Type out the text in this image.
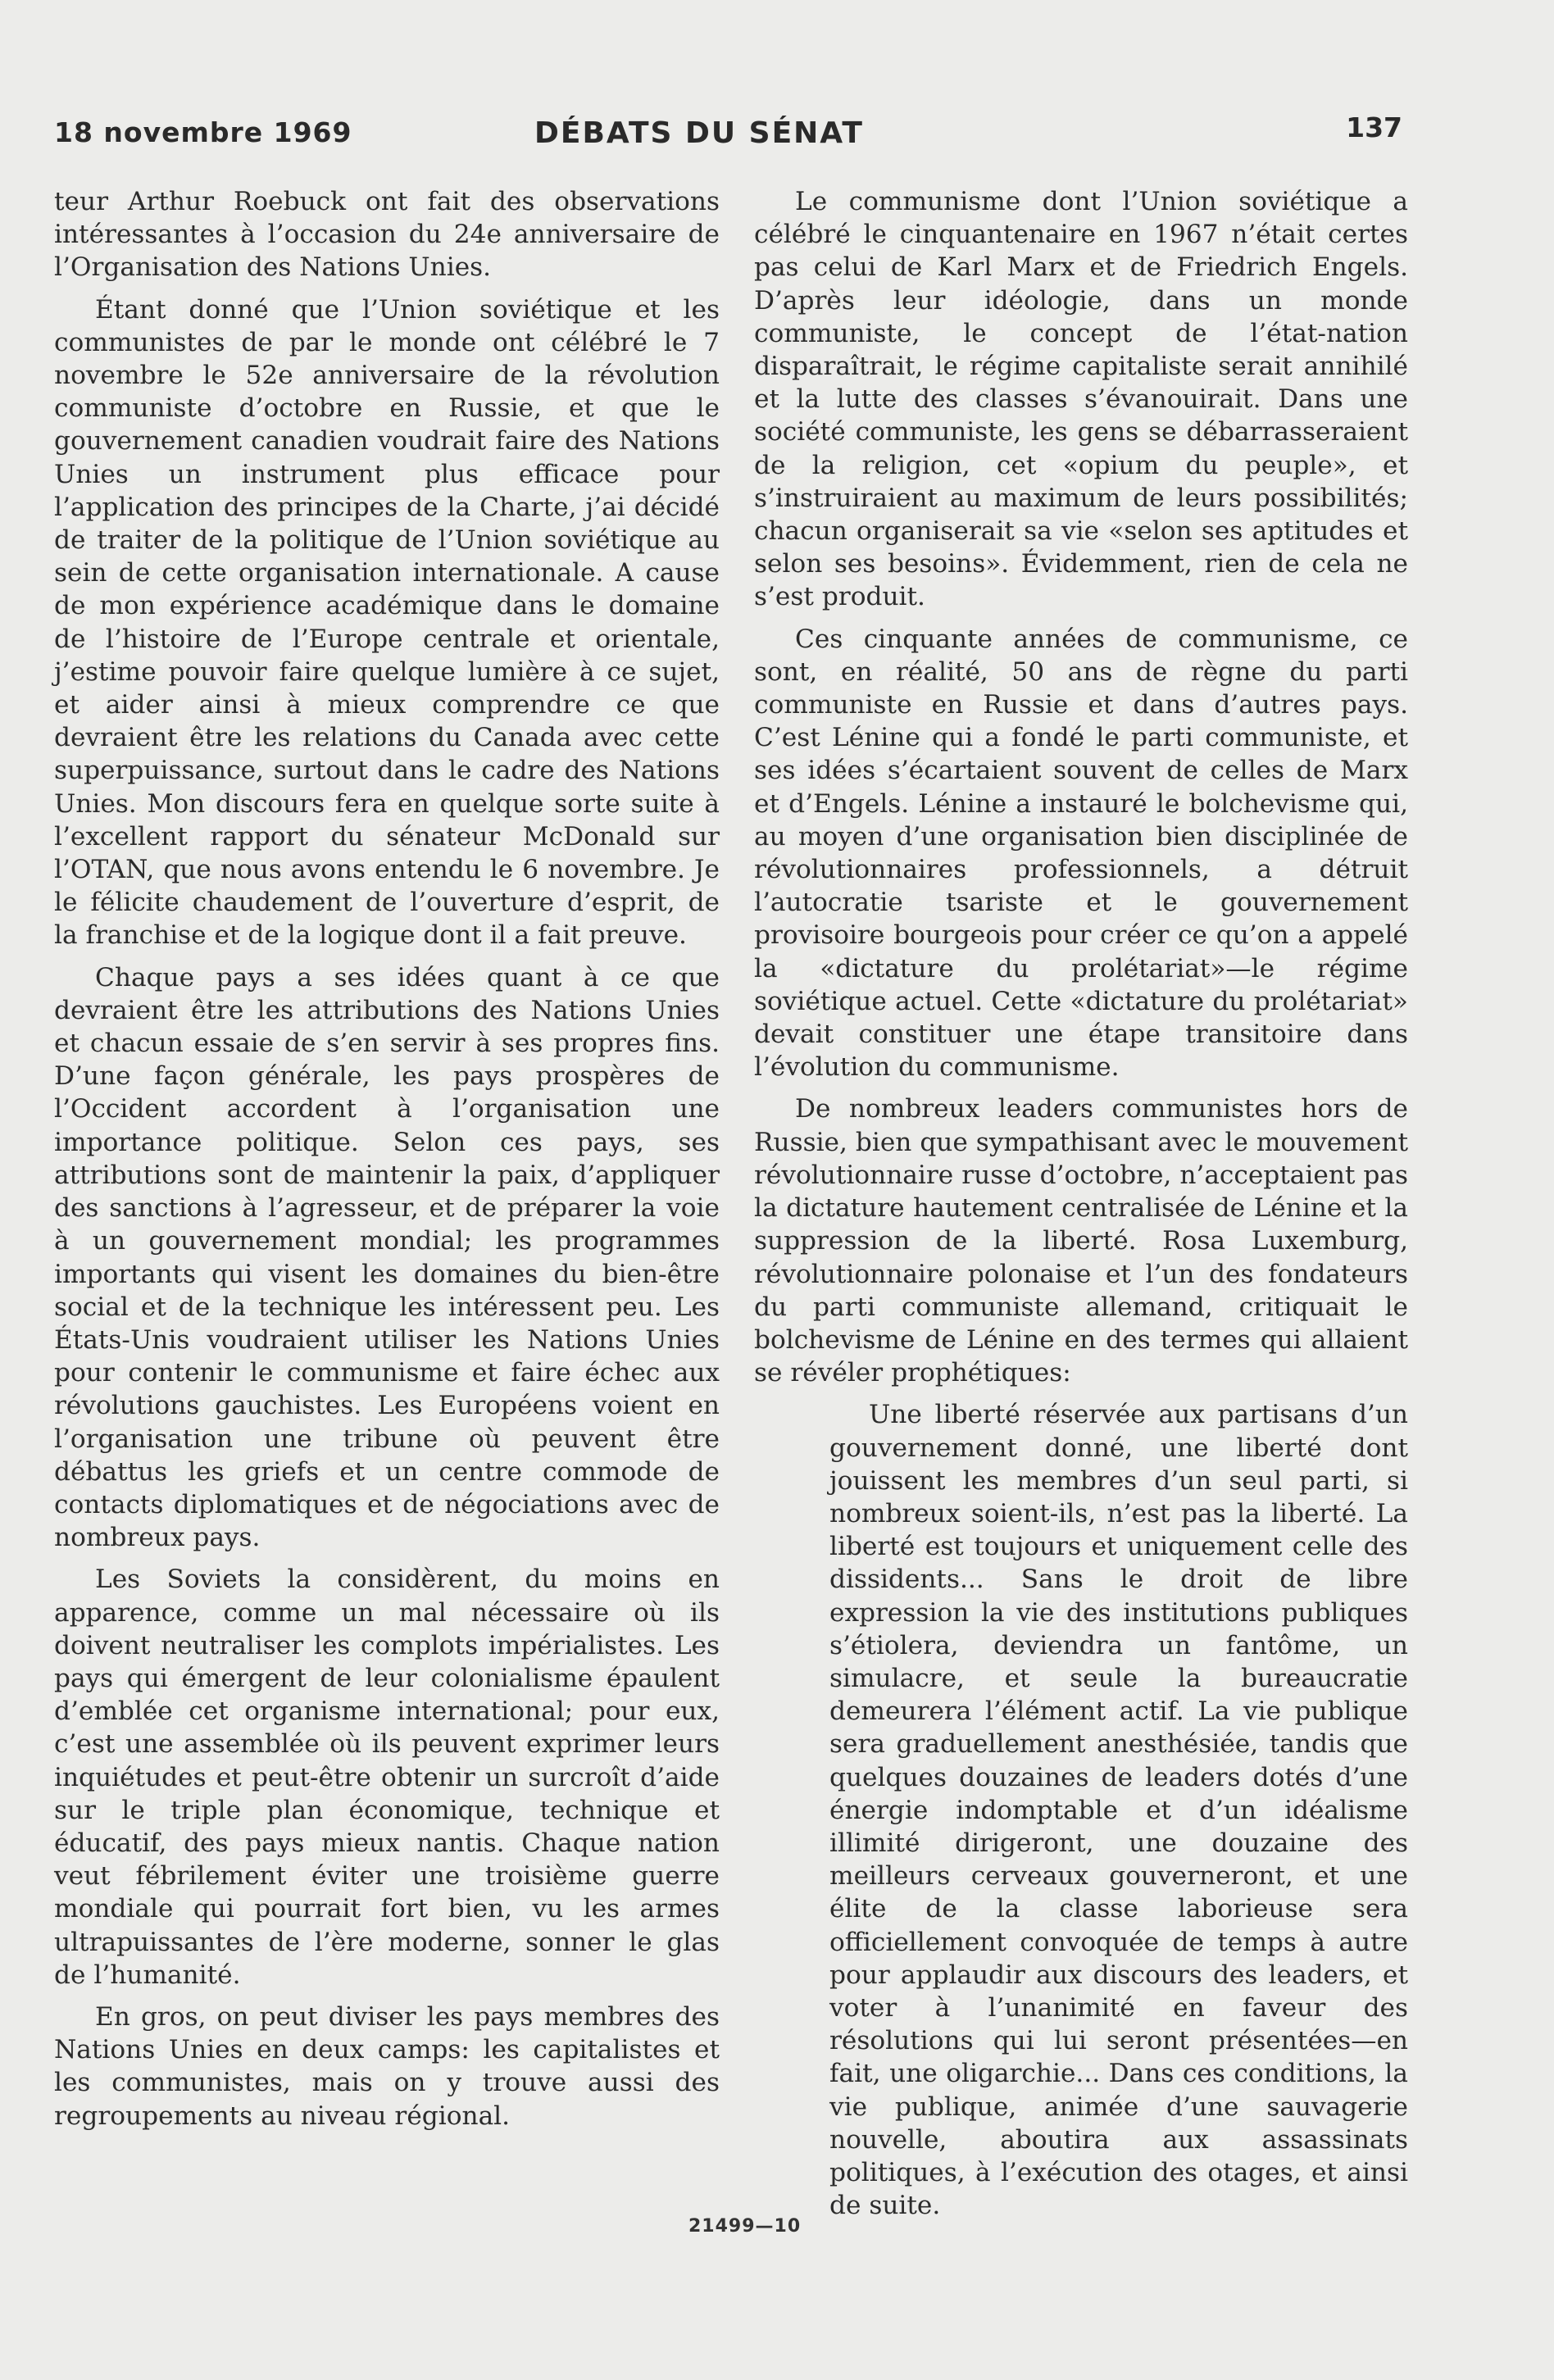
18 novembre 1969	DÉBATS DU SÉNAT	137

teur Arthur Roebuck ont fait des observations intéressantes à l’occasion du 24e anniversaire de l’Organisation des Nations Unies.

Étant donné que l’Union soviétique et les communistes de par le monde ont célébré le 7 novembre le 52e anniversaire de la révolution communiste d’octobre en Russie, et que le gouvernement canadien voudrait faire des Nations Unies un instrument plus efficace pour l’application des principes de la Charte, j’ai décidé de traiter de la politique de l’Union soviétique au sein de cette organisation internationale. A cause de mon expérience académique dans le domaine de l’histoire de l’Europe centrale et orientale, j’estime pouvoir faire quelque lumière à ce sujet, et aider ainsi à mieux comprendre ce que devraient être les relations du Canada avec cette superpuissance, surtout dans le cadre des Nations Unies. Mon discours fera en quelque sorte suite à l’excellent rapport du sénateur McDonald sur l’OTAN, que nous avons entendu le 6 novembre. Je le félicite chaudement de l’ouverture d’esprit, de la franchise et de la logique dont il a fait preuve.

Chaque pays a ses idées quant à ce que devraient être les attributions des Nations Unies et chacun essaie de s’en servir à ses propres fins. D’une façon générale, les pays prospères de l’Occident accordent à l’organisation une importance politique. Selon ces pays, ses attributions sont de maintenir la paix, d’appliquer des sanctions à l’agresseur, et de préparer la voie à un gouvernement mondial; les programmes importants qui visent les domaines du bien-être social et de la technique les intéressent peu. Les États-Unis voudraient utiliser les Nations Unies pour contenir le communisme et faire échec aux révolutions gauchistes. Les Européens voient en l’organisation une tribune où peuvent être débattus les griefs et un centre commode de contacts diplomatiques et de négociations avec de nombreux pays.

Les Soviets la considèrent, du moins en apparence, comme un mal nécessaire où ils doivent neutraliser les complots impérialistes. Les pays qui émergent de leur colonialisme épaulent d’emblée cet organisme international; pour eux, c’est une assemblée où ils peuvent exprimer leurs inquiétudes et peut-être obtenir un surcroît d’aide sur le triple plan économique, technique et éducatif, des pays mieux nantis. Chaque nation veut fébrilement éviter une troisième guerre mondiale qui pourrait fort bien, vu les armes ultrapuissantes de l’ère moderne, sonner le glas de l’humanité.

En gros, on peut diviser les pays membres des Nations Unies en deux camps: les capitalistes et les communistes, mais on y trouve aussi des regroupements au niveau régional.

Le communisme dont l’Union soviétique a célébré le cinquantenaire en 1967 n’était certes pas celui de Karl Marx et de Friedrich Engels. D’après leur idéologie, dans un monde communiste, le concept de l’état-nation disparaîtrait, le régime capitaliste serait annihilé et la lutte des classes s’évanouirait. Dans une société communiste, les gens se débarrasseraient de la religion, cet «opium du peuple», et s’instruiraient au maximum de leurs possibilités; chacun organiserait sa vie «selon ses aptitudes et selon ses besoins». Évidemment, rien de cela ne s’est produit.

Ces cinquante années de communisme, ce sont, en réalité, 50 ans de règne du parti communiste en Russie et dans d’autres pays. C’est Lénine qui a fondé le parti communiste, et ses idées s’écartaient souvent de celles de Marx et d’Engels. Lénine a instauré le bolchevisme qui, au moyen d’une organisation bien disciplinée de révolutionnaires professionnels, a détruit l’autocratie tsariste et le gouvernement provisoire bourgeois pour créer ce qu’on a appelé la «dictature du prolétariat»—le régime soviétique actuel. Cette «dictature du prolétariat» devait constituer une étape transitoire dans l’évolution du communisme.

De nombreux leaders communistes hors de Russie, bien que sympathisant avec le mouvement révolutionnaire russe d’octobre, n’acceptaient pas la dictature hautement centralisée de Lénine et la suppression de la liberté. Rosa Luxemburg, révolutionnaire polonaise et l’un des fondateurs du parti communiste allemand, critiquait le bolchevisme de Lénine en des termes qui allaient se révéler prophétiques:

Une liberté réservée aux partisans d’un gouvernement donné, une liberté dont jouissent les membres d’un seul parti, si nombreux soient-ils, n’est pas la liberté. La liberté est toujours et uniquement celle des dissidents... Sans le droit de libre expression la vie des institutions publiques s’étiolera, deviendra un fantôme, un simulacre, et seule la bureaucratie demeurera l’élément actif. La vie publique sera graduellement anesthésiée, tandis que quelques douzaines de leaders dotés d’une énergie indomptable et d’un idéalisme illimité dirigeront, une douzaine des meilleurs cerveaux gouverneront, et une élite de la classe laborieuse sera officiellement convoquée de temps à autre pour applaudir aux discours des leaders, et voter à l’unanimité en faveur des résolutions qui lui seront présentées—en fait, une oligarchie... Dans ces conditions, la vie publique, animée d’une sauvagerie nouvelle, aboutira aux assassinats politiques, à l’exécution des otages, et ainsi de suite.

21499—10
